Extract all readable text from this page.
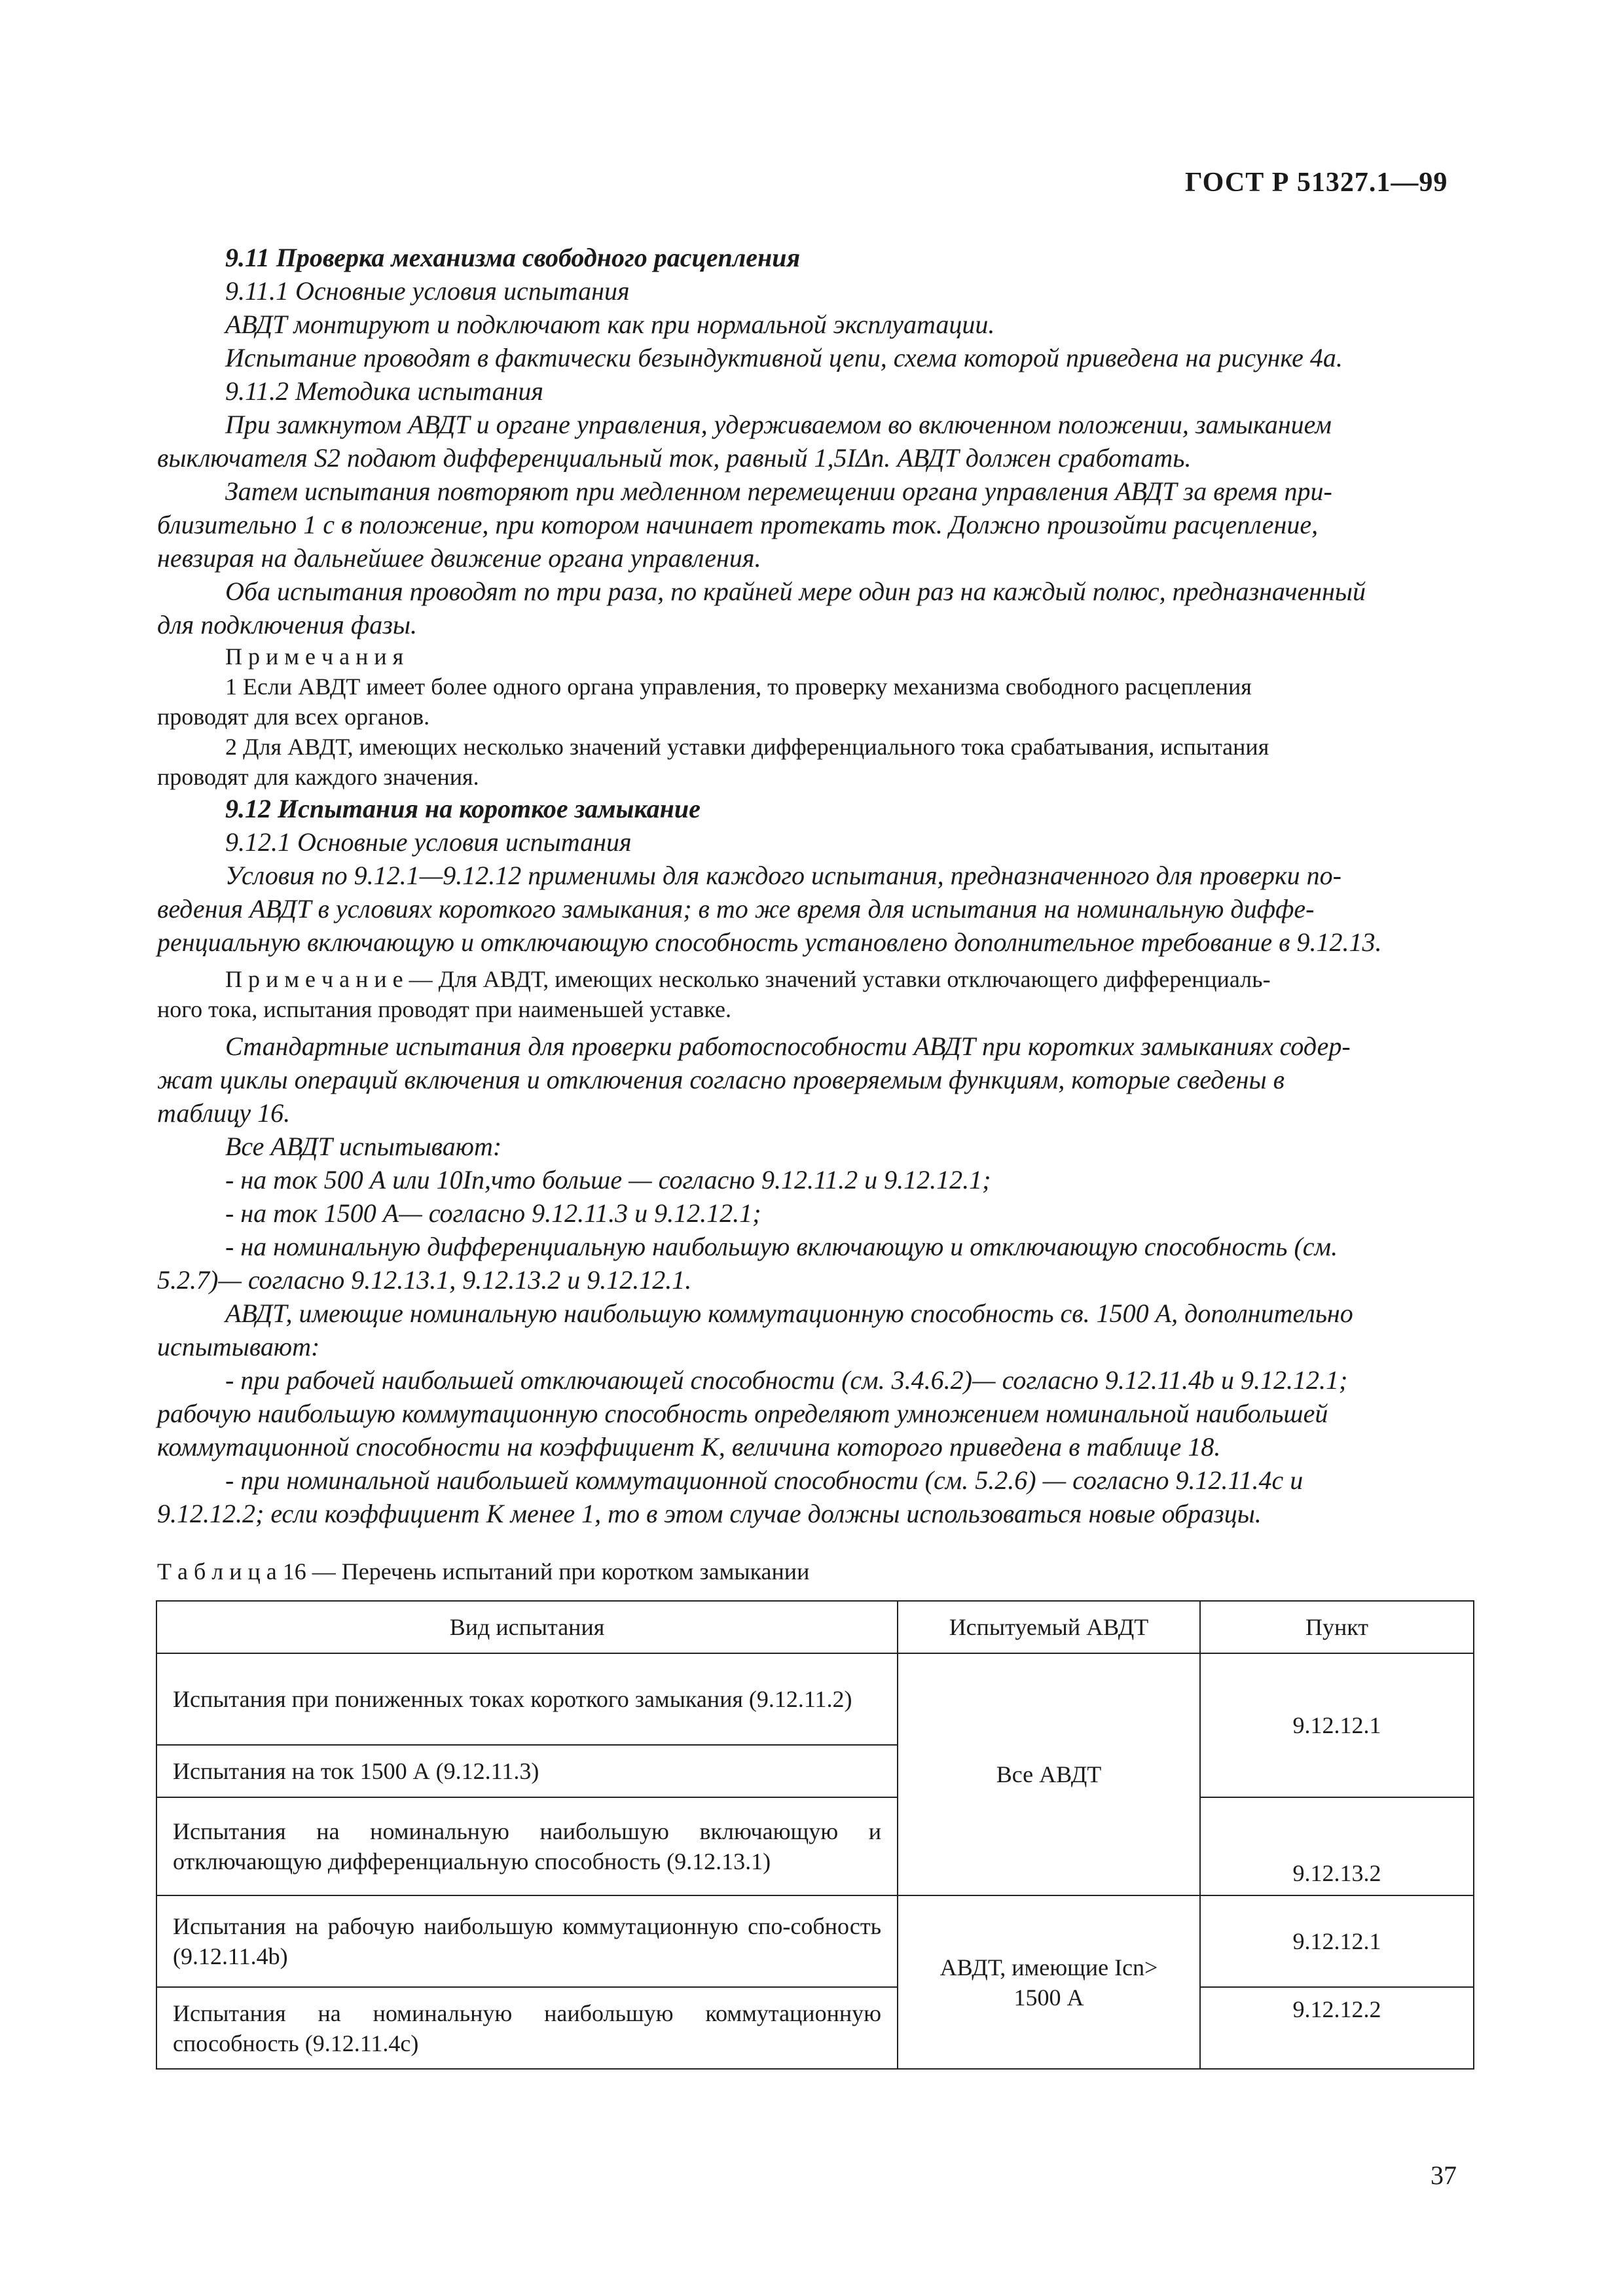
ГОСТ Р 51327.1—99
9.11 Проверка механизма свободного расцепления
9.11.1 Основные условия испытания
АВДТ монтируют и подключают как при нормальной эксплуатации.
Испытание проводят в фактически безындуктивной цепи, схема которой приведена на рисунке 4а.
9.11.2 Методика испытания
При замкнутом АВДТ и органе управления, удерживаемом во включенном положении, замыканием
выключателя S2 подают дифференциальный ток, равный 1,5IΔn. АВДТ должен сработать.
Затем испытания повторяют при медленном перемещении органа управления АВДТ за время при-
близительно 1 с в положение, при котором начинает протекать ток. Должно произойти расцепление,
невзирая на дальнейшее движение органа управления.
Оба испытания проводят по три раза, по крайней мере один раз на каждый полюс, предназначенный
для подключения фазы.
П р и м е ч а н и я
1 Если АВДТ имеет более одного органа управления, то проверку механизма свободного расцепления
проводят для всех органов.
2 Для АВДТ, имеющих несколько значений уставки дифференциального тока срабатывания, испытания
проводят для каждого значения.
9.12 Испытания на короткое замыкание
9.12.1 Основные условия испытания
Условия по 9.12.1—9.12.12 применимы для каждого испытания, предназначенного для проверки по-
ведения АВДТ в условиях короткого замыкания; в то же время для испытания на номинальную диффе-
ренциальную включающую и отключающую способность установлено дополнительное требование в 9.12.13.
П р и м е ч а н и е — Для АВДТ, имеющих несколько значений уставки отключающего дифференциаль-
ного тока, испытания проводят при наименьшей уставке.
Стандартные испытания для проверки работоспособности АВДТ при коротких замыканиях содер-
жат циклы операций включения и отключения согласно проверяемым функциям, которые сведены в
таблицу 16.
Все АВДТ испытывают:
- на ток 500 А или 10In,что больше — согласно 9.12.11.2 и 9.12.12.1;
- на ток 1500 А— согласно 9.12.11.3 и 9.12.12.1;
- на номинальную дифференциальную наибольшую включающую и отключающую способность (см.
5.2.7)— согласно 9.12.13.1, 9.12.13.2 и 9.12.12.1.
АВДТ, имеющие номинальную наибольшую коммутационную способность св. 1500 А, дополнительно
испытывают:
- при рабочей наибольшей отключающей способности (см. 3.4.6.2)— согласно 9.12.11.4b и 9.12.12.1;
рабочую наибольшую коммутационную способность определяют умножением номинальной наибольшей
коммутационной способности на коэффициент K, величина которого приведена в таблице 18.
- при номинальной наибольшей коммутационной способности (см. 5.2.6) — согласно 9.12.11.4c и
9.12.12.2; если коэффициент K менее 1, то в этом случае должны использоваться новые образцы.
Т а б л и ц а 16 — Перечень испытаний при коротком замыкании
Вид испытания	Испытуемый АВДТ	Пункт
Испытания при пониженных токах короткого замыкания (9.12.11.2)	Все АВДТ	9.12.12.1
Испытания на ток 1500 А (9.12.11.3)		
Испытания на номинальную наибольшую включающую и отключающую дифференциальную способность (9.12.13.1)		9.12.13.2
Испытания на рабочую наибольшую коммутационную спо-собность (9.12.11.4b)	АВДТ, имеющие Icn> 1500 А	9.12.12.1
Испытания на номинальную наибольшую коммутационную способность (9.12.11.4c)		9.12.12.2
37
